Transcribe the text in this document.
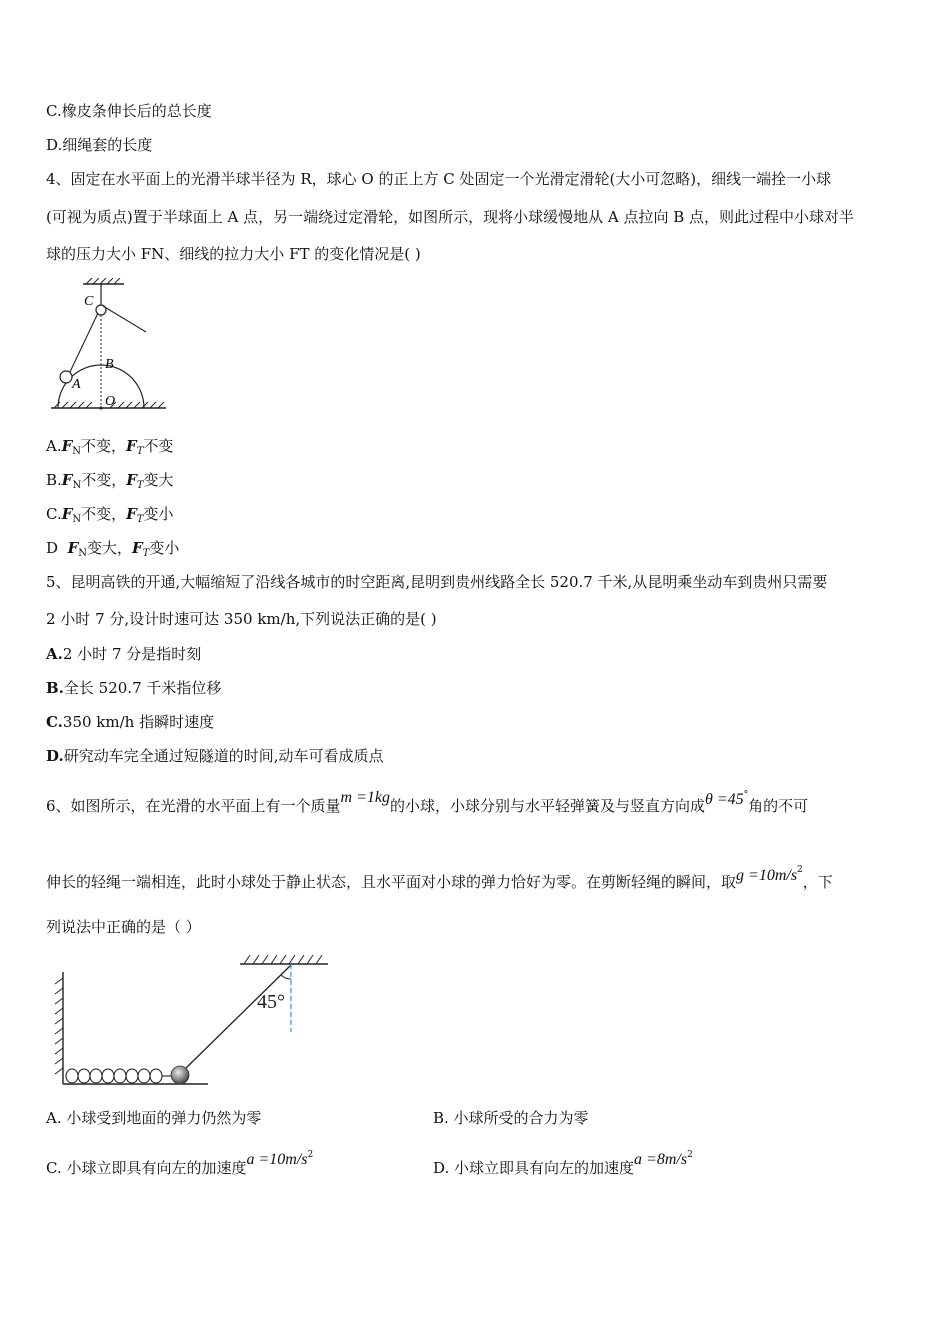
C.橡皮条伸长后的总长度
D.细绳套的长度
4、固定在水平面上的光滑半球半径为 R，球心 O 的正上方 C 处固定一个光滑定滑轮(大小可忽略)，细线一端拴一小球
(可视为质点)置于半球面上 A 点，另一端绕过定滑轮，如图所示，现将小球缓慢地从 A 点拉向 B 点，则此过程中小球对半
球的压力大小 FN、细线的拉力大小 FT 的变化情况是( )
C
B
A
O
$A.F_N$不变，$F_T$不变
$B.F_N$不变，$F_T$变大
$C.F_N$不变，$F_T$变小
D  $F_N$变大，$F_T$变小
5、昆明高铁的开通,大幅缩短了沿线各城市的时空距离,昆明到贵州线路全长 520.7 千米,从昆明乘坐动车到贵州只需要
2 小时 7 分,设计时速可达 350 km/h,下列说法正确的是( )
A.2 小时 7 分是指时刻
B.全长 520.7 千米指位移
C.350 km/h 指瞬时速度
D.研究动车完全通过短隧道的时间,动车可看成质点
6、如图所示，在光滑的水平面上有一个质量m =1kg的小球，小球分别与水平轻弹簧及与竖直方向成θ =45°角的不可
伸长的轻绳一端相连，此时小球处于静止状态，且水平面对小球的弹力恰好为零。在剪断轻绳的瞬间，取$g =10m/s^2$，下
列说法中正确的是（ ）
45°
A. 小球受到地面的弹力仍然为零	B. 小球所受的合力为零
C. 小球立即具有向左的加速度$a =10m/s^2$
D. 小球立即具有向左的加速度$a =8m/s^2$
